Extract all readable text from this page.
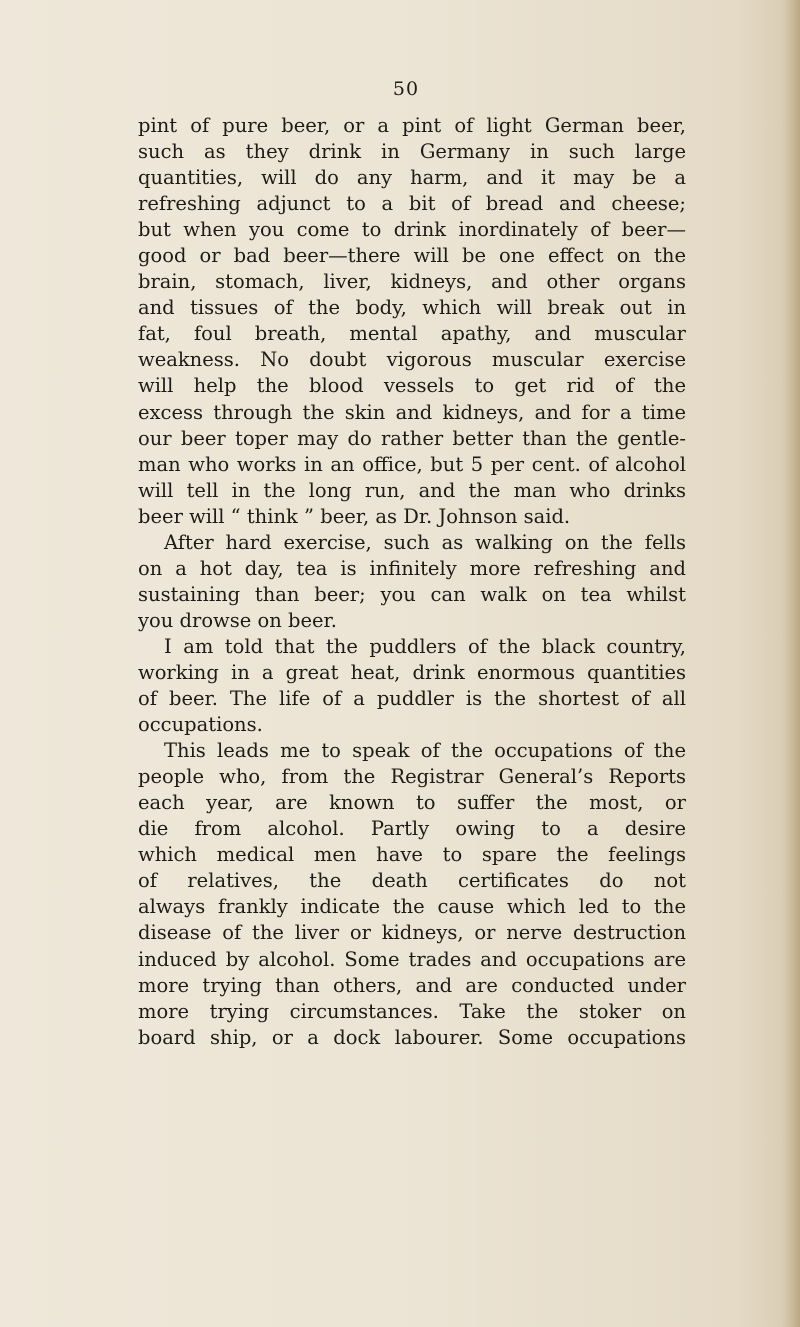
50
pint of pure beer, or a pint of light German beer,
such as they drink in Germany in such large
quantities, will do any harm, and it may be a
refreshing adjunct to a bit of bread and cheese;
but when you come to drink inordinately of beer—
good or bad beer—there will be one effect on the
brain, stomach, liver, kidneys, and other organs
and tissues of the body, which will break out in
fat, foul breath, mental apathy, and muscular
weakness. No doubt vigorous muscular exercise
will help the blood vessels to get rid of the
excess through the skin and kidneys, and for a time
our beer toper may do rather better than the gentle-
man who works in an office, but 5 per cent. of alcohol
will tell in the long run, and the man who drinks
beer will “ think ” beer, as Dr. Johnson said.
After hard exercise, such as walking on the fells
on a hot day, tea is infinitely more refreshing and
sustaining than beer; you can walk on tea whilst
you drowse on beer.
I am told that the puddlers of the black country,
working in a great heat, drink enormous quantities
of beer. The life of a puddler is the shortest of all
occupations.
This leads me to speak of the occupations of the
people who, from the Registrar General’s Reports
each year, are known to suffer the most, or
die from alcohol. Partly owing to a desire
which medical men have to spare the feelings
of relatives, the death certificates do not
always frankly indicate the cause which led to the
disease of the liver or kidneys, or nerve destruction
induced by alcohol. Some trades and occupations are
more trying than others, and are conducted under
more trying circumstances. Take the stoker on
board ship, or a dock labourer. Some occupations
